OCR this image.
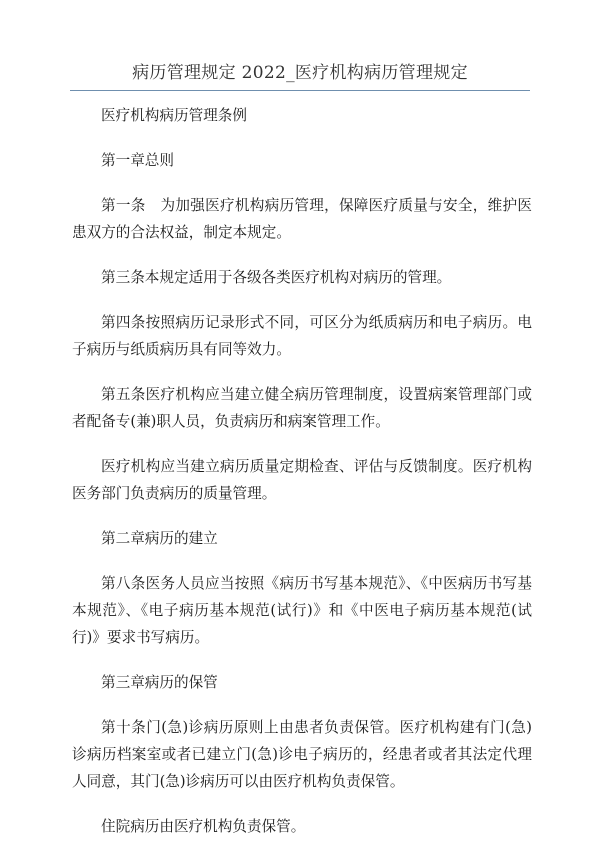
病历管理规定 2022_医疗机构病历管理规定

医疗机构病历管理条例

第一章总则

第一条　为加强医疗机构病历管理，保障医疗质量与安全，维护医患双方的合法权益，制定本规定。

第三条本规定适用于各级各类医疗机构对病历的管理。

第四条按照病历记录形式不同，可区分为纸质病历和电子病历。电子病历与纸质病历具有同等效力。

第五条医疗机构应当建立健全病历管理制度，设置病案管理部门或者配备专(兼)职人员，负责病历和病案管理工作。

医疗机构应当建立病历质量定期检查、评估与反馈制度。医疗机构医务部门负责病历的质量管理。

第二章病历的建立

第八条医务人员应当按照《病历书写基本规范》、《中医病历书写基本规范》、《电子病历基本规范(试行)》和《中医电子病历基本规范(试行)》要求书写病历。

第三章病历的保管

第十条门(急)诊病历原则上由患者负责保管。医疗机构建有门(急)诊病历档案室或者已建立门(急)诊电子病历的，经患者或者其法定代理人同意，其门(急)诊病历可以由医疗机构负责保管。

住院病历由医疗机构负责保管。
